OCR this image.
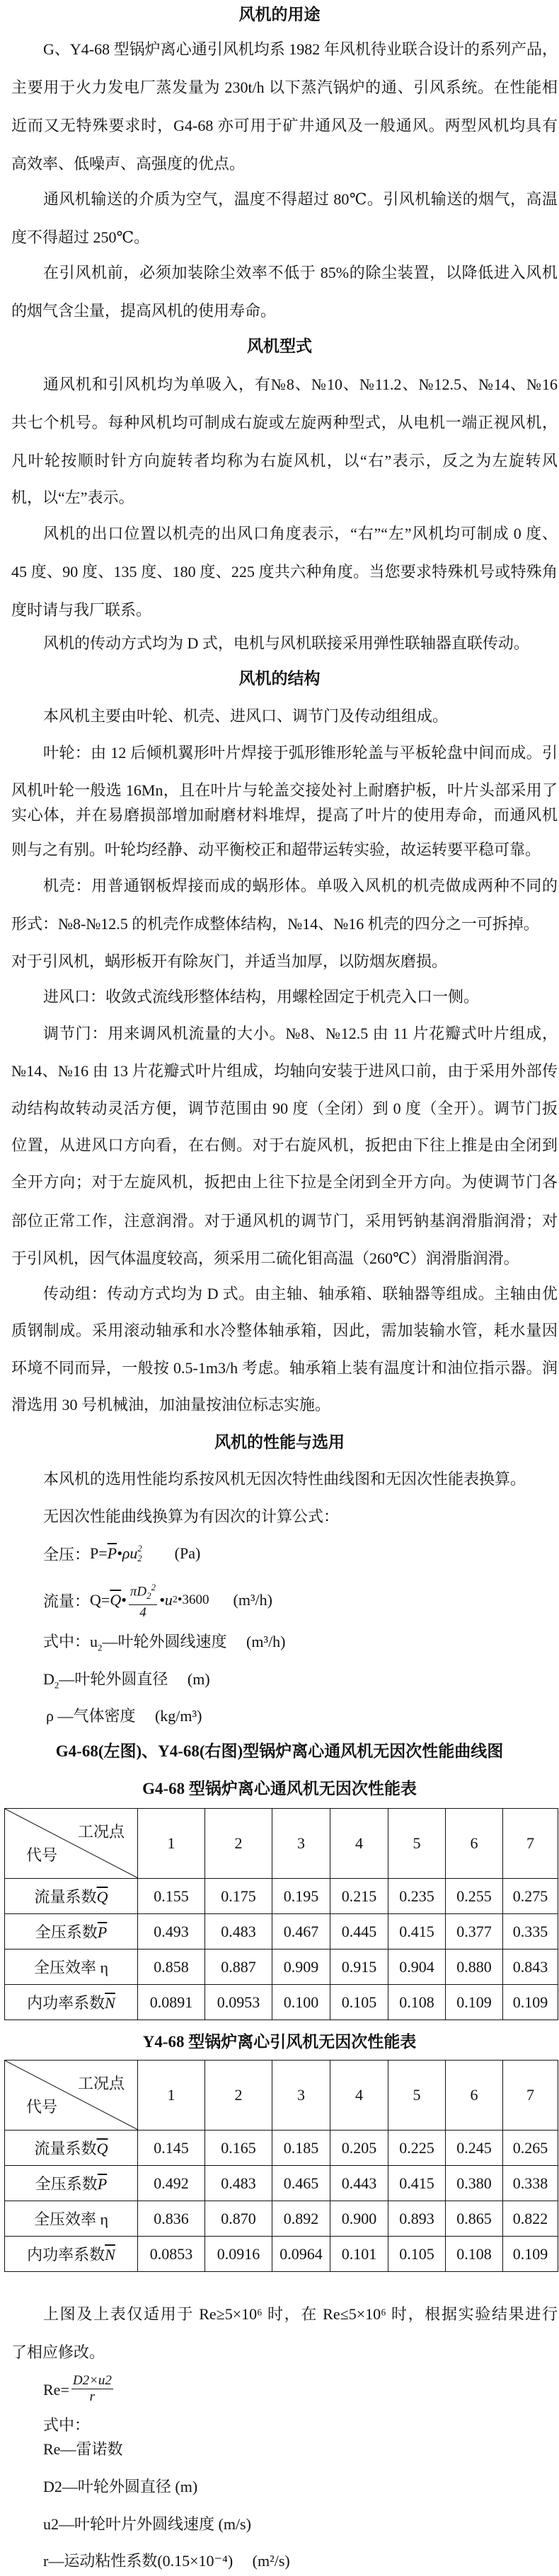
风机的用途
G、Y4-68 型锅炉离心通引风机均系 1982 年风机待业联合设计的系列产品，
主要用于火力发电厂蒸发量为 230t/h 以下蒸汽锅炉的通、引风系统。在性能相
近而又无特殊要求时，G4-68 亦可用于矿井通风及一般通风。两型风机均具有
高效率、低噪声、高强度的优点。
通风机输送的介质为空气，温度不得超过 80℃。引风机输送的烟气，高温
度不得超过 250℃。
在引风机前，必须加装除尘效率不低于 85%的除尘装置，以降低进入风机
的烟气含尘量，提高风机的使用寿命。
风机型式
通风机和引风机均为单吸入，有№8、№10、№11.2、№12.5、№14、№16
共七个机号。每种风机均可制成右旋或左旋两种型式，从电机一端正视风机，
凡叶轮按顺时针方向旋转者均称为右旋风机，以“右”表示，反之为左旋转风
机，以“左”表示。
风机的出口位置以机壳的出风口角度表示，“右”“左”风机均可制成 0 度、
45 度、90 度、135 度、180 度、225 度共六种角度。当您要求特殊机号或特殊角
度时请与我厂联系。
风机的传动方式均为 D 式，电机与风机联接采用弹性联轴器直联传动。
风机的结构
本风机主要由叶轮、机壳、进风口、调节门及传动组组成。
叶轮：由 12 后倾机翼形叶片焊接于弧形锥形轮盖与平板轮盘中间而成。引
风机叶轮一般选 16Mn，且在叶片与轮盖交接处衬上耐磨护板，叶片头部采用了
实心体，并在易磨损部增加耐磨材料堆焊，提高了叶片的使用寿命，而通风机
则与之有别。叶轮均经静、动平衡校正和超带运转实验，故运转要平稳可靠。
机壳：用普通钢板焊接而成的蜗形体。单吸入风机的机壳做成两种不同的
形式：№8-№12.5 的机壳作成整体结构，№14、№16 机壳的四分之一可拆掉。
对于引风机，蜗形板开有除灰门，并适当加厚，以防烟灰磨损。
进风口：收敛式流线形整体结构，用螺栓固定于机壳入口一侧。
调节门：用来调风机流量的大小。№8、№12.5 由 11 片花瓣式叶片组成，
№14、№16 由 13 片花瓣式叶片组成，均轴向安装于进风口前，由于采用外部传
动结构故转动灵活方便，调节范围由 90 度（全闭）到 0 度（全开）。调节门扳
位置，从进风口方向看，在右侧。对于右旋风机，扳把由下往上推是由全闭到
全开方向；对于左旋风机，扳把由上往下拉是全闭到全开方向。为使调节门各
部位正常工作，注意润滑。对于通风机的调节门，采用钙钠基润滑脂润滑；对
于引风机，因气体温度较高，须采用二硫化钼高温（260℃）润滑脂润滑。
传动组：传动方式均为 D 式。由主轴、轴承箱、联轴器等组成。主轴由优
质钢制成。采用滚动轴承和水冷整体轴承箱，因此，需加装输水管，耗水量因
环境不同而异，一般按 0.5-1m3/h 考虑。轴承箱上装有温度计和油位指示器。润
滑选用 30 号机械油，加油量按油位标志实施。
风机的性能与选用
本风机的选用性能均系按风机无因次特性曲线图和无因次性能表换算。
无因次性能曲线换算为有因次的计算公式：
全压： $P= \overline{P}$ •ρu 2
2 (Pa)
流量： $Q= \overline{Q}$ • $\frac{\pi D_2^2}{4}$ •u 2 •3600 (m³/h)
式中：$u_2—$叶轮外圆线速度 (m³/h)
$D_2—$叶轮外圆直径 (m)
ρ —气体密度 (kg/m³)
G4-68(左图)、Y4-68(右图)型锅炉离心通风机无因次性能曲线图
G4-68 型锅炉离心通风机无因次性能表
工况点
代号	1	2	3	4	5	6	7
流量系数$\overline{Q}$	0.155	0.175	0.195	0.215	0.235	0.255	0.275
全压系数$\overline{P}$	0.493	0.483	0.467	0.445	0.415	0.377	0.335
全压效率 η	0.858	0.887	0.909	0.915	0.904	0.880	0.843
内功率系数$\overline{N}$	0.0891	0.0953	0.100	0.105	0.108	0.109	0.109
Y4-68 型锅炉离心引风机无因次性能表
工况点
代号	1	2	3	4	5	6	7
流量系数$\overline{Q}$	0.145	0.165	0.185	0.205	0.225	0.245	0.265
全压系数$\overline{P}$	0.492	0.483	0.465	0.443	0.415	0.380	0.338
全压效率 η	0.836	0.870	0.892	0.900	0.893	0.865	0.822
内功率系数$\overline{N}$	0.0853	0.0916	0.0964	0.101	0.105	0.108	0.109
上图及上表仅适用于 Re≥5×10⁶ 时，在 Re≤5×10⁶ 时，根据实验结果进行
了相应修改。
$Re= \frac{D2\times u2}{r}$
式中：
Re—雷诺数
D2—叶轮外圆直径 (m)
u2—叶轮叶片外圆线速度 (m/s)
r—运动粘性系数(0.15×10⁻⁴)　 (m²/s)
